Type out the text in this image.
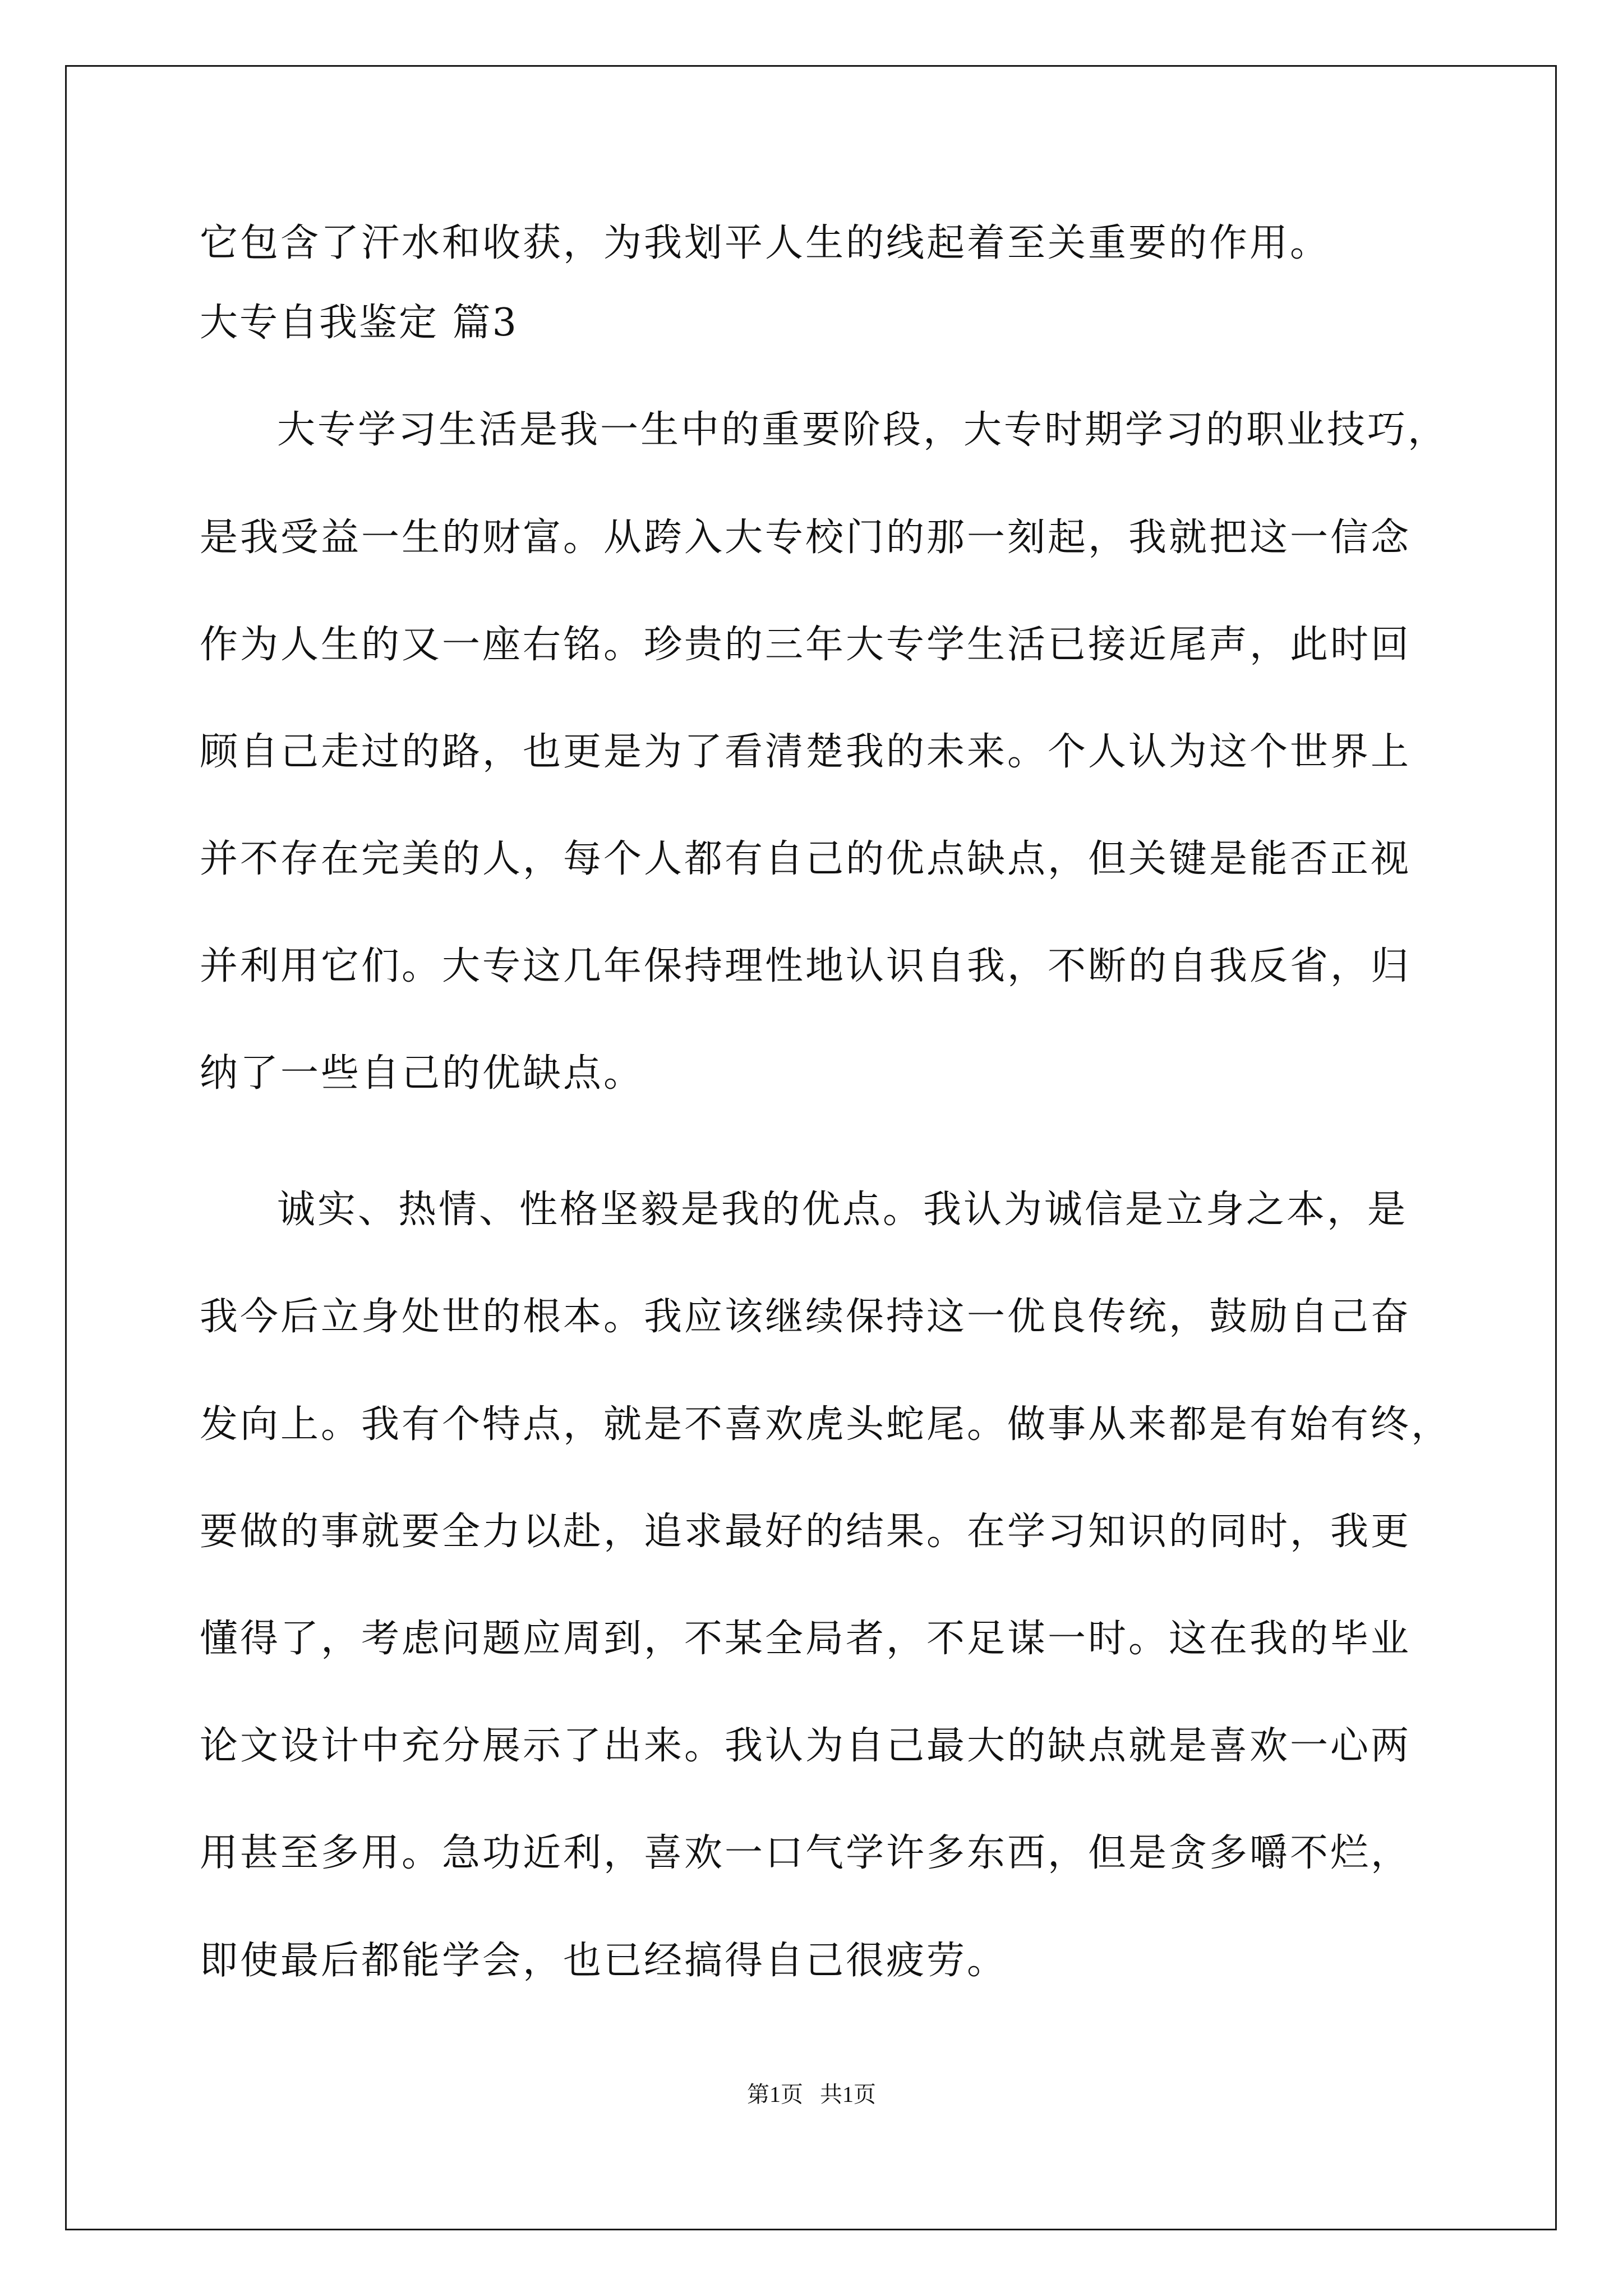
它包含了汗水和收获，为我划平人生的线起着至关重要的作用。
大专自我鉴定 篇3
大专学习生活是我一生中的重要阶段，大专时期学习的职业技巧，
是我受益一生的财富。从跨入大专校门的那一刻起，我就把这一信念
作为人生的又一座右铭。珍贵的三年大专学生活已接近尾声，此时回
顾自己走过的路，也更是为了看清楚我的未来。个人认为这个世界上
并不存在完美的人，每个人都有自己的优点缺点，但关键是能否正视
并利用它们。大专这几年保持理性地认识自我，不断的自我反省，归
纳了一些自己的优缺点。
诚实、热情、性格坚毅是我的优点。我认为诚信是立身之本，是
我今后立身处世的根本。我应该继续保持这一优良传统，鼓励自己奋
发向上。我有个特点，就是不喜欢虎头蛇尾。做事从来都是有始有终，
要做的事就要全力以赴，追求最好的结果。在学习知识的同时，我更
懂得了，考虑问题应周到，不某全局者，不足谋一时。这在我的毕业
论文设计中充分展示了出来。我认为自己最大的缺点就是喜欢一心两
用甚至多用。急功近利，喜欢一口气学许多东西，但是贪多嚼不烂，
即使最后都能学会，也已经搞得自己很疲劳。
第1页   共1页
